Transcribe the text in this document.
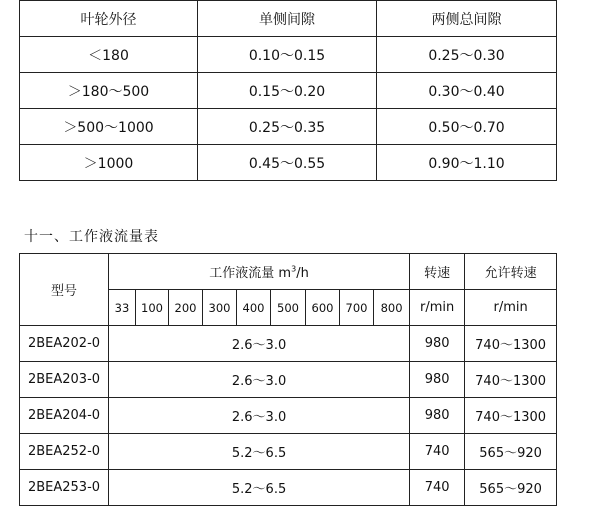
叶轮外径	单侧间隙	两侧总间隙
＜180	0.10～0.15	0.25～0.30
＞180～500	0.15～0.20	0.30～0.40
＞500～1000	0.25～0.35	0.50～0.70
＞1000	0.45～0.55	0.90～1.10
十一、工作液流量表
型号	工作液流量 $m^3/h$									转速	允许转速
	33	100	200	300	400	500	600	700	800	r/min	r/min
2BEA202-0	2.6～3.0									980	740～1300
2BEA203-0	2.6～3.0									980	740～1300
2BEA204-0	2.6～3.0									980	740～1300
2BEA252-0	5.2～6.5									740	565～920
2BEA253-0	5.2～6.5									740	565～920
